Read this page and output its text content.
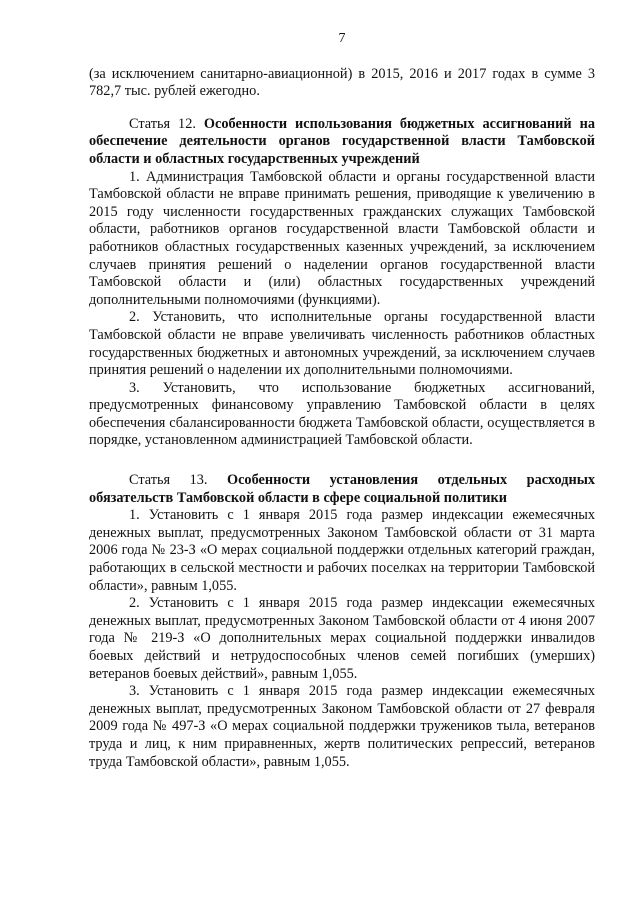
7

(за исключением санитарно-авиационной) в 2015, 2016 и 2017 годах в сумме 3 782,7 тыс. рублей ежегодно.

Статья 12. Особенности использования бюджетных ассигнований на обеспечение деятельности органов государственной власти Тамбовской области и областных государственных учреждений

1. Администрация Тамбовской области и органы государственной власти Тамбовской области не вправе принимать решения, приводящие к увеличению в 2015 году численности государственных гражданских служащих Тамбовской области, работников органов государственной власти Тамбовской области и работников областных государственных казенных учреждений, за исключением случаев принятия решений о наделении органов государственной власти Тамбовской области и (или) областных государственных учреждений дополнительными полномочиями (функциями).

2. Установить, что исполнительные органы государственной власти Тамбовской области не вправе увеличивать численность работников областных государственных бюджетных и автономных учреждений, за исключением случаев принятия решений о наделении их дополнительными полномочиями.

3. Установить, что использование бюджетных ассигнований, предусмотренных финансовому управлению Тамбовской области в целях обеспечения сбалансированности бюджета Тамбовской области, осуществляется в порядке, установленном администрацией Тамбовской области.

Статья 13. Особенности установления отдельных расходных обязательств Тамбовской области в сфере социальной политики

1. Установить с 1 января 2015 года размер индексации ежемесячных денежных выплат, предусмотренных Законом Тамбовской области от 31 марта 2006 года № 23-З «О мерах социальной поддержки отдельных категорий граждан, работающих в сельской местности и рабочих поселках на территории Тамбовской области», равным 1,055.

2. Установить с 1 января 2015 года размер индексации ежемесячных денежных выплат, предусмотренных Законом Тамбовской области от 4 июня 2007 года № 219-З «О дополнительных мерах социальной поддержки инвалидов боевых действий и нетрудоспособных членов семей погибших (умерших) ветеранов боевых действий», равным 1,055.

3. Установить с 1 января 2015 года размер индексации ежемесячных денежных выплат, предусмотренных Законом Тамбовской области от 27 февраля 2009 года № 497-З «О мерах социальной поддержки тружеников тыла, ветеранов труда и лиц, к ним приравненных, жертв политических репрессий, ветеранов труда Тамбовской области», равным 1,055.
